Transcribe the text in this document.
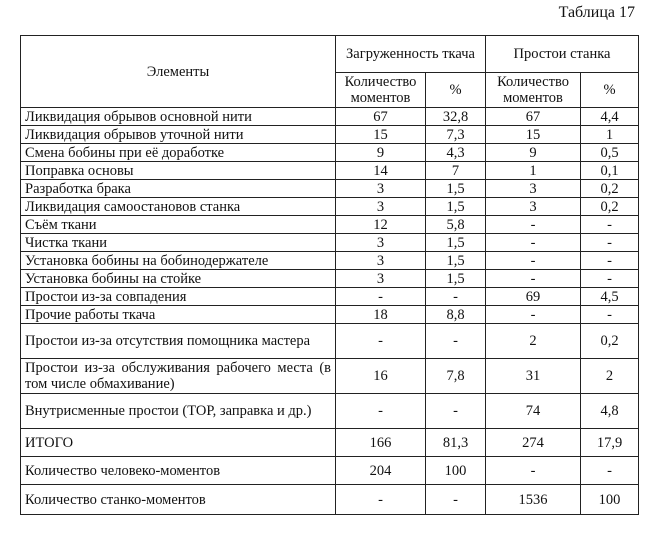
Таблица 17
Элементы	Загруженность ткача		Простои станка	
	Количество моментов	%	Количество моментов	%
Ликвидация обрывов основной нити	67	32,8	67	4,4
Ликвидация обрывов уточной нити	15	7,3	15	1
Смена бобины при её доработке	9	4,3	9	0,5
Поправка основы	14	7	1	0,1
Разработка брака	3	1,5	3	0,2
Ликвидация самоостановов станка	3	1,5	3	0,2
Съём ткани	12	5,8	-	-
Чистка ткани	3	1,5	-	-
Установка бобины на бобинодержателе	3	1,5	-	-
Установка бобины на стойке	3	1,5	-	-
Простои из-за совпадения	-	-	69	4,5
Прочие работы ткача	18	8,8	-	-
Простои из-за отсутствия помощника мастера	-	-	2	0,2
Простои из-за обслуживания рабочего места (в том числе обмахивание)	16	7,8	31	2
Внутрисменные простои (ТОР, заправка и др.)	-	-	74	4,8
ИТОГО	166	81,3	274	17,9
Количество человеко-моментов	204	100	-	-
Количество станко-моментов	-	-	1536	100
